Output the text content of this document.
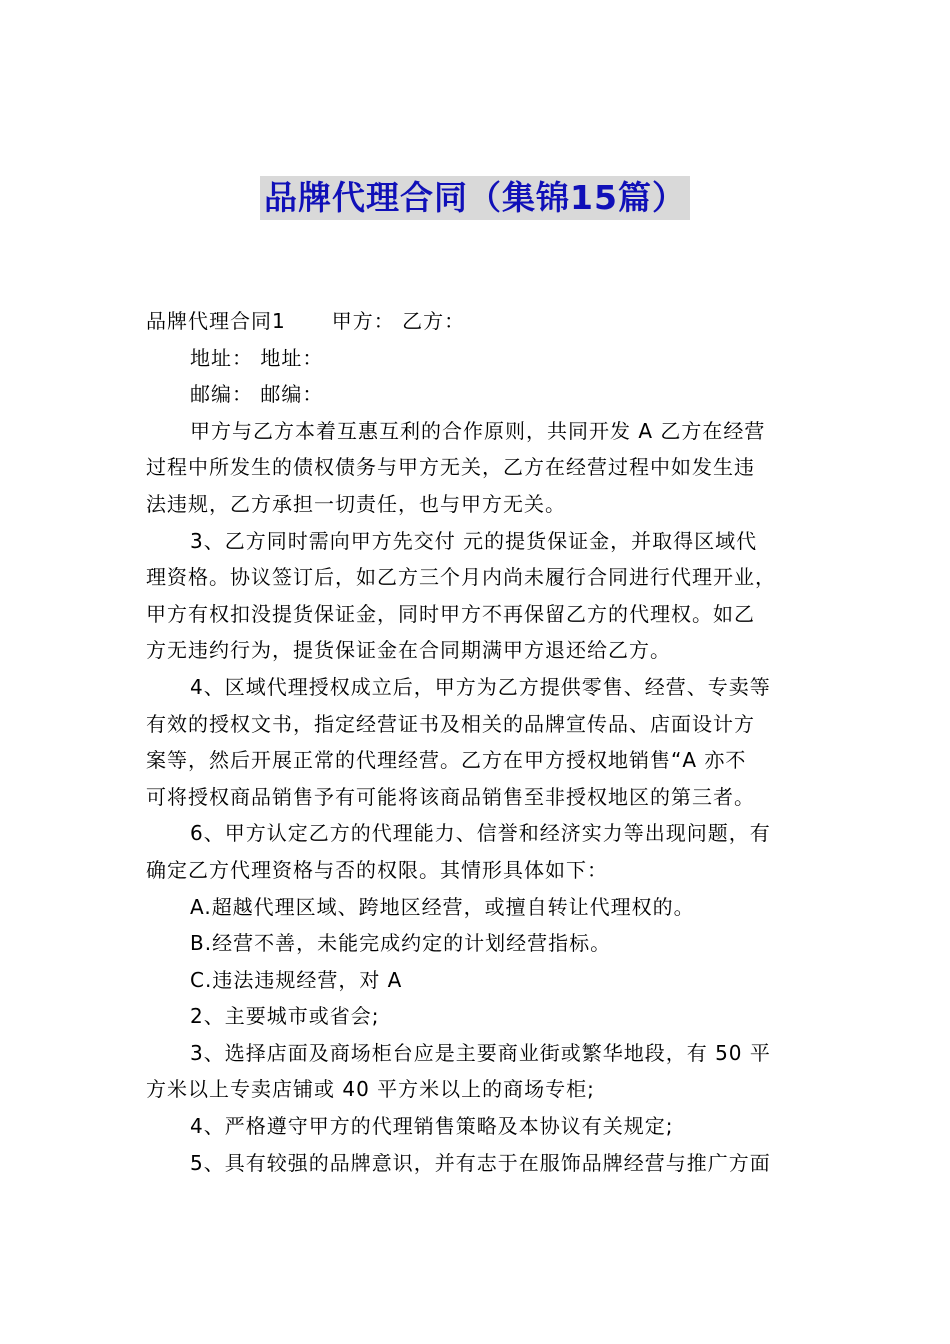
品牌代理合同（集锦15篇）
品牌代理合同1 甲方： 乙方：
地址： 地址：
邮编： 邮编：
甲方与乙方本着互惠互利的合作原则，共同开发 A 乙方在经营
过程中所发生的债权债务与甲方无关，乙方在经营过程中如发生违
法违规，乙方承担一切责任，也与甲方无关。
3、乙方同时需向甲方先交付 元的提货保证金，并取得区域代
理资格。协议签订后，如乙方三个月内尚未履行合同进行代理开业，
甲方有权扣没提货保证金，同时甲方不再保留乙方的代理权。如乙
方无违约行为，提货保证金在合同期满甲方退还给乙方。
4、区域代理授权成立后，甲方为乙方提供零售、经营、专卖等
有效的授权文书，指定经营证书及相关的品牌宣传品、店面设计方
案等，然后开展正常的代理经营。乙方在甲方授权地销售“A 亦不
可将授权商品销售予有可能将该商品销售至非授权地区的第三者。
6、甲方认定乙方的代理能力、信誉和经济实力等出现问题，有
确定乙方代理资格与否的权限。其情形具体如下：
A.超越代理区域、跨地区经营，或擅自转让代理权的。
B.经营不善，未能完成约定的计划经营指标。
C.违法违规经营，对 A
2、主要城市或省会;
3、选择店面及商场柜台应是主要商业街或繁华地段，有 50 平
方米以上专卖店铺或 40 平方米以上的商场专柜;
4、严格遵守甲方的代理销售策略及本协议有关规定;
5、具有较强的品牌意识，并有志于在服饰品牌经营与推广方面
